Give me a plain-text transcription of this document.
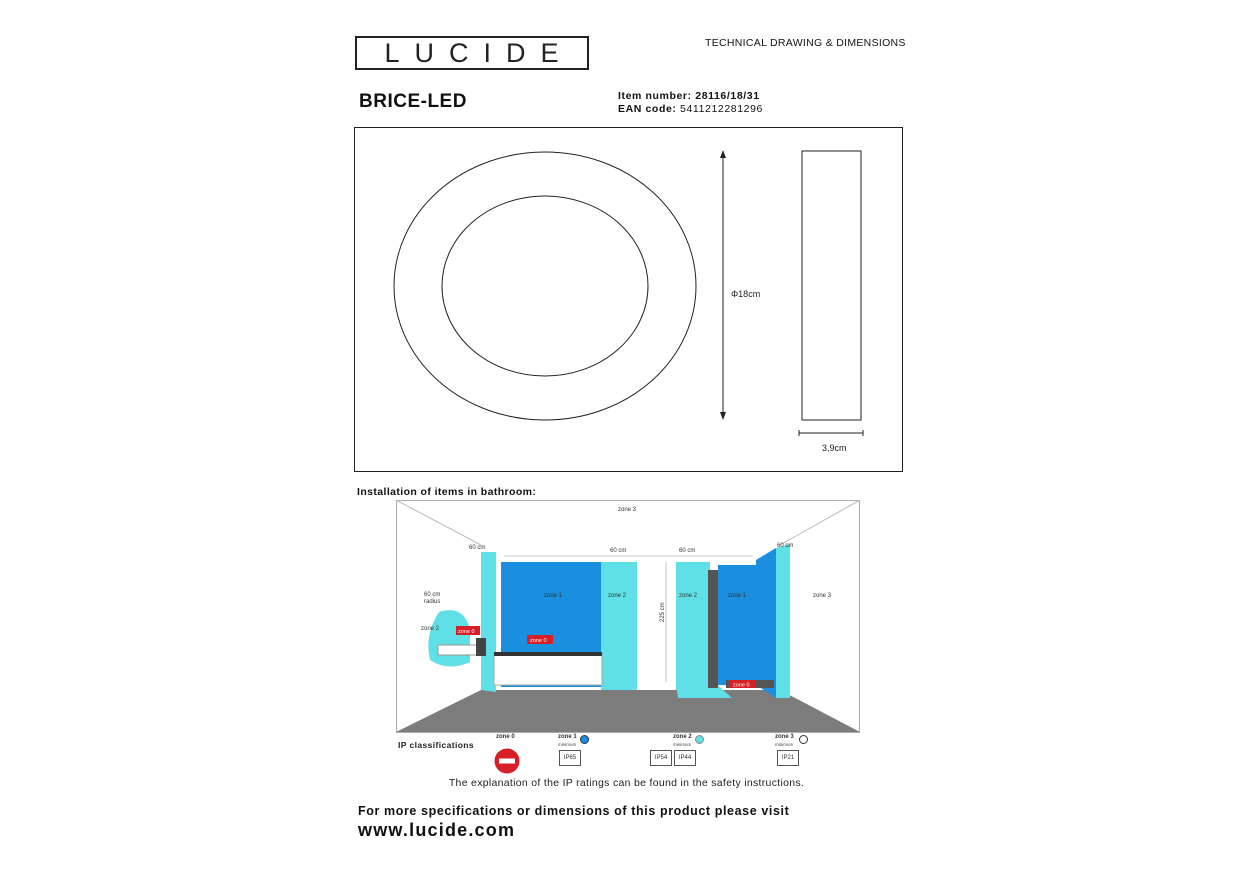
LUCIDE	TECHNICAL DRAWING & DIMENSIONS
BRICE-LED	Item number: 28116/18/31
EAN code: 5411212281296
Φ18cm
3,9cm
Installation of items in bathroom:
zone 0
zone 0
zone 0
zone 3
zone 1	zone 2	zone 2	zone 1	zone 3
zone 2
60 cm	60 cm	60 cm
60 cm
60 cm
radius
225 cm
IP classifications
zone 0	zone 1
minimum
IP65
zone 2
minimum
IP54	IP44
zone 3
minimum
IP21
The explanation of the IP ratings can be found in the safety instructions.
For more specifications or dimensions of this product please visit
www.lucide.com
